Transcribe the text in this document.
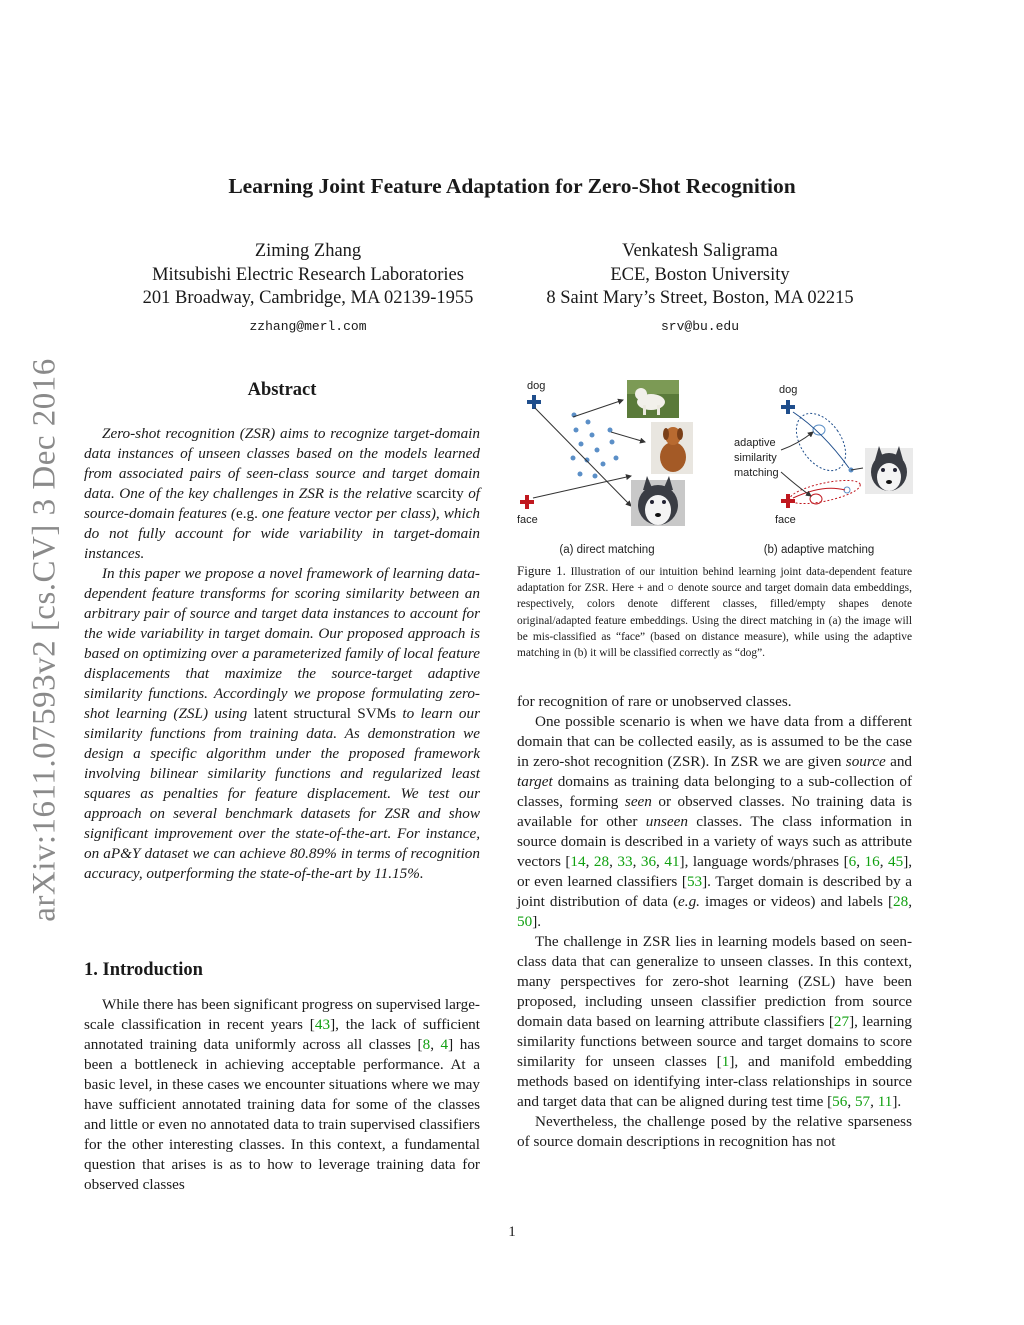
arXiv:1611.07593v2 [cs.CV] 3 Dec 2016
Learning Joint Feature Adaptation for Zero-Shot Recognition
Ziming Zhang
Mitsubishi Electric Research Laboratories
201 Broadway, Cambridge, MA 02139-1955
zzhang@merl.com
Venkatesh Saligrama
ECE, Boston University
8 Saint Mary’s Street, Boston, MA 02215
srv@bu.edu
Abstract

Zero-shot recognition (ZSR) aims to recognize target-domain data instances of unseen classes based on the models learned from associated pairs of seen-class source and target domain data. One of the key challenges in ZSR is the relative scarcity of source-domain features (e.g. one feature vector per class), which do not fully account for wide variability in target-domain instances.

In this paper we propose a novel framework of learning data-dependent feature transforms for scoring similarity between an arbitrary pair of source and target data instances to account for the wide variability in target domain. Our proposed approach is based on optimizing over a parameterized family of local feature displacements that maximize the source-target adaptive similarity functions. Accordingly we propose formulating zero-shot learning (ZSL) using latent structural SVMs to learn our similarity functions from training data. As demonstration we design a specific algorithm under the proposed framework involving bilinear similarity functions and regularized least squares as penalties for feature displacement. We test our approach on several benchmark datasets for ZSR and show significant improvement over the state-of-the-art. For instance, on aP&Y dataset we can achieve 80.89% in terms of recognition accuracy, outperforming the state-of-the-art by 11.15%.

1. Introduction

While there has been significant progress on supervised large-scale classification in recent years [43], the lack of sufficient annotated training data uniformly across all classes [8, 4] has been a bottleneck in achieving acceptable performance. At a basic level, in these cases we encounter situations where we may have sufficient annotated training data for some of the classes and little or even no annotated data to train supervised classifiers for the other interesting classes. In this context, a fundamental question that arises is as to how to leverage training data for observed classes

dog
face
(a) direct matching
dog
face
adaptive
similarity
matching
(b) adaptive matching
Figure 1. Illustration of our intuition behind learning joint data-dependent feature adaptation for ZSR. Here + and ○ denote source and target domain data embeddings, respectively, colors denote different classes, filled/empty shapes denote original/adapted feature embeddings. Using the direct matching in (a) the image will be mis-classified as “face” (based on distance measure), while using the adaptive matching in (b) it will be classified correctly as “dog”.

for recognition of rare or unobserved classes.

One possible scenario is when we have data from a different domain that can be collected easily, as is assumed to be the case in zero-shot recognition (ZSR). In ZSR we are given source and target domains as training data belonging to a sub-collection of classes, forming seen or observed classes. No training data is available for other unseen classes. The class information in source domain is described in a variety of ways such as attribute vectors [14, 28, 33, 36, 41], language words/phrases [6, 16, 45], or even learned classifiers [53]. Target domain is described by a joint distribution of data (e.g. images or videos) and labels [28, 50].

The challenge in ZSR lies in learning models based on seen-class data that can generalize to unseen classes. In this context, many perspectives for zero-shot learning (ZSL) have been proposed, including unseen classifier prediction from source domain data based on learning attribute classifiers [27], learning similarity functions between source and target domains to score similarity for unseen classes [1], and manifold embedding methods based on identifying inter-class relationships in source and target data that can be aligned during test time [56, 57, 11].

Nevertheless, the challenge posed by the relative sparseness of source domain descriptions in recognition has not

1
